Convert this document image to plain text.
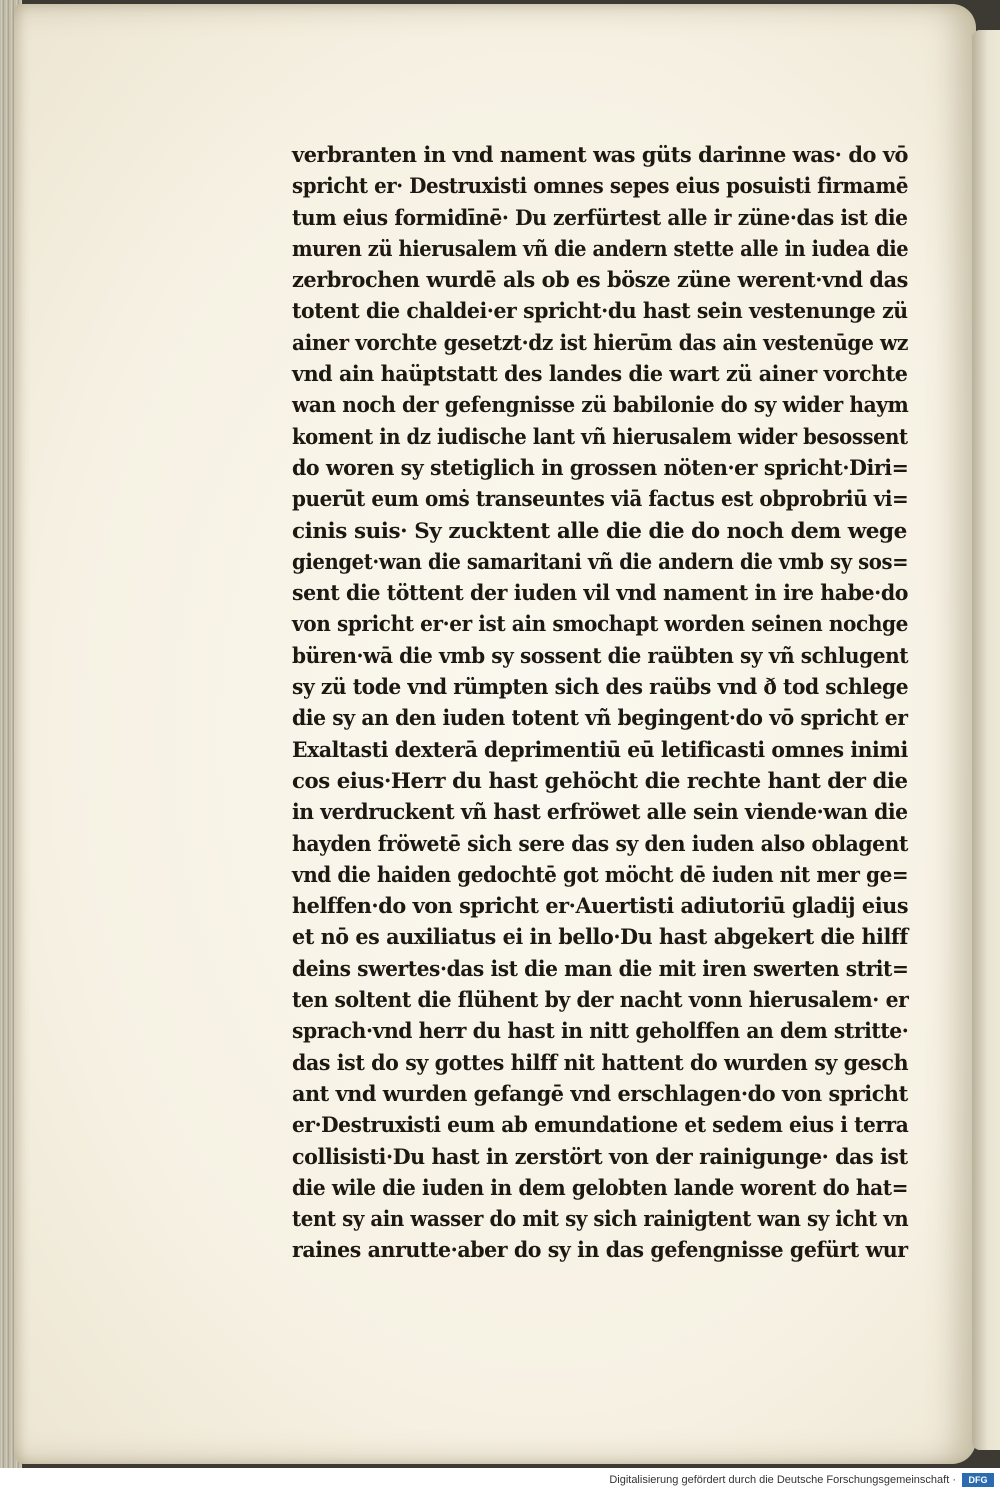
verbranten in vnd nament was güts darinne was· do vō
spricht er· Destruxisti omnes sepes eius posuisti firmamē
tum eius formidīnē· Du zerfürtest alle ir züne·das ist die
muren zü hierusalem vñ die andern stette alle in iudea die
zerbrochen wurdē als ob es bösze züne werent·vnd das
totent die chaldei·er spricht·du hast sein vestenunge zü
ainer vorchte gesetzt·dz ist hierūm das ain vestenūge wz
vnd ain haüptstatt des landes die wart zü ainer vorchte
wan noch der gefengnisse zü babilonie do sy wider haym
koment in dz iudische lant vñ hierusalem wider besossent
do woren sy stetiglich in grossen nöten·er spricht·Diri=
puerūt eum omṡ transeuntes viā factus est obprobriū vi=
cinis suis· Sy zucktent alle die die do noch dem wege
gienget·wan die samaritani vñ die andern die vmb sy sos=
sent die töttent der iuden vil vnd nament in ire habe·do
von spricht er·er ist ain smochapt worden seinen nochge
büren·wā die vmb sy sossent die raübten sy vñ schlugent
sy zü tode vnd rümpten sich des raübs vnd ð tod schlege
die sy an den iuden totent vñ begingent·do vō spricht er
Exaltasti dexterā deprimentiū eū letificasti omnes inimi
cos eius·Herr du hast gehöcht die rechte hant der die
in verdruckent vñ hast erfröwet alle sein viende·wan die
hayden fröwetē sich sere das sy den iuden also oblagent
vnd die haiden gedochtē got möcht dē iuden nit mer ge=
helffen·do von spricht er·Auertisti adiutoriū gladij eius
et nō es auxiliatus ei in bello·Du hast abgekert die hilff
deins swertes·das ist die man die mit iren swerten strit=
ten soltent die flühent by der nacht vonn hierusalem· er
sprach·vnd herr du hast in nitt geholffen an dem stritte·
das ist do sy gottes hilff nit hattent do wurden sy gesch
ant vnd wurden gefangē vnd erschlagen·do von spricht
er·Destruxisti eum ab emundatione et sedem eius i terra
collisisti·Du hast in zerstört von der rainigunge· das ist
die wile die iuden in dem gelobten lande worent do hat=
tent sy ain wasser do mit sy sich rainigtent wan sy icht vn
raines anrutte·aber do sy in das gefengnisse gefürt wur
Digitalisierung gefördert durch die Deutsche Forschungsgemeinschaft ·	DFG
